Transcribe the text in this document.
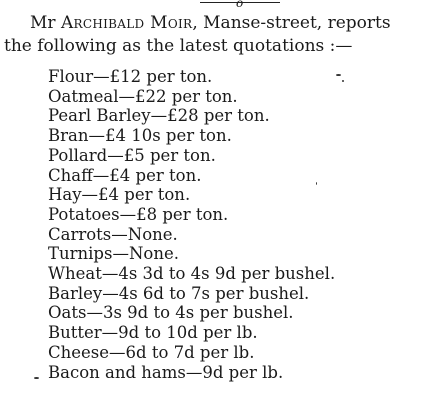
o
Mr Archibald Moir, Manse-street, reports
the following as the latest quotations :—
Flour—£12 per ton.
Oatmeal—£22 per ton.
Pearl Barley—£28 per ton.
Bran—£4 10s per ton.
Pollard—£5 per ton.
Chaff—£4 per ton.
Hay—£4 per ton.
Potatoes—£8 per ton.
Carrots—None.
Turnips—None.
Wheat—4s 3d to 4s 9d per bushel.
Barley—4s 6d to 7s per bushel.
Oats—3s 9d to 4s per bushel.
Butter—9d to 10d per lb.
Cheese—6d to 7d per lb.
Bacon and hams—9d per lb.
